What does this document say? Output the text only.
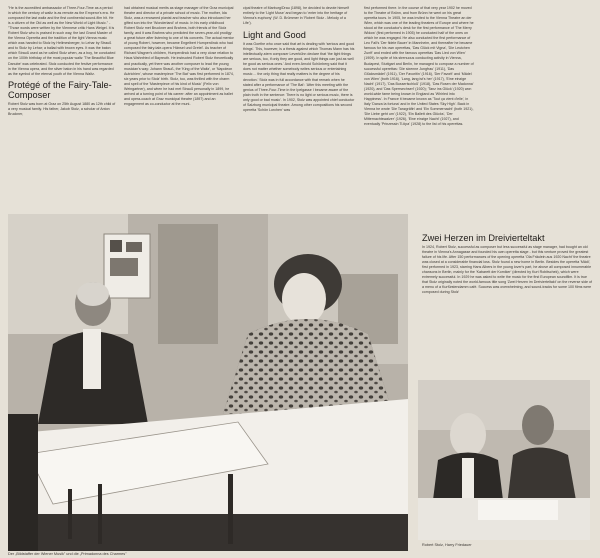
"He is the accredited ambassador of Three-Four-Time as a period in which the century of waltz is as remote as the Emperor's era. He composed the last waltz and the first continental sound-film hit. He is a citizen of the Old as well as the New World of Light Music." - "Those words were written by the Viennese critic Hans Weigel. It is Robert Stolz who is praised in such way, the last Grand Master of the Vienna Operetta and the tradition of the light Vienna music which was handed to Stolz by Hellmesberger, to Lehar by Strauß and to Stolz by Lehar; a ballad with brown eyes. It was the baton which Strauß used as he called Stolz when, as a boy, he conducted on the 100th birthday of the most popular waltz 'The Beautiful Blue Danube' was celebrated. Stolz conducted the festive performance in the Vienna opera, and the silver baton in his hand was regarded as the symbol of the eternal youth of the Vienna Waltz.

Protégé of the Fairy-Tale-Composer

Robert Stolz was born at Graz on 25th August 1880 as 12th child of a very musical family. His father, Jakob Stolz, a scholar of Anton Bruckner,

had obtained musical merits as stage manager of the Graz municipal theatre and director of a private school of music. The mother, Ida Stolz, was a renowned pianist and teacher who also introduced her gifted son into the 'Wonderland' of music. In his early childhood Robert Stolz met Bruckner and Brahms, both friends of the Stolz family, and it was Brahms who predicted the seven-year-old prodigy a great future after listening to one of his concerts. The actual mentor of young Robert, however, became Engelbert Humperdinck who had composed the fairy-tale-opera 'Hänsel und Gretel'. As teacher of Richard Wagner's children, Humperdinck had a very close relation to Haus Wahnfried of Bayreuth. He instructed Robert Stolz theoretically and practically, yet there was another composer to lead the young musician's way: Johann Strauß, the 'King of the Waltz', or 'Napoleon Autrichien', whose masterpiece 'The Bat' was first performed in 1874, six years prior to Stolz' birth. Stolz, too, was thrilled with the charm and spell of the 'Masterpiece of his kind of Music' (Felix von Weingartner), and when he had met Strauß personally in 1899, he arrived at a turning point of his career: after an appointment as ballet and opera-coach at Graz municipal theatre (1897) and an engagement as co-conductor at the muni-

cipal theatre of Marburg/Drau (1898), he decided to devote himself entirely to the 'Light Muse' and began to 'enter into the heritage of Vienna's euphony' (W. D. Brümmer in 'Robert Stolz - Melody of a Life').

Light and Good

It was Goethe who once said that art is dealing with 'serious and good things'. This, however, is a thesis against which Thomas Mann has his intellectually-stern composer Leverkühn declare that 'the light things are serious, too, if only they are good, and light things can just as well be good as serious ones.' And even Arnold Schönberg said that it does not matter whether somebody writes serious or entertaining music ... the only thing that really matters is the degree of his devotion.' Stolz was in full accordance with that remark when he stated after a performance of 'The Bat': 'After this meeting with the genius of Three-Four-Time in the Ipelgasse I became aware of the plain truth in the sentence: There is no light or serious music, there is only good or bad music'. In 1902, Stolz was appointed chief conductor of Salzburg municipal theatre. Among other compositions his second operetta 'Schön Lorchen' was

first performed there. In the course of that very year 1902 he moved to the Theatre of Brünn, and from Brünn he went on his great operetta tours. In 1905, he was invited to the Vienna Theatre an der Wien, which was one of the leading theatres of Europe and where he stood at the conductor's desk for the first performance of 'The Merry Widow' (first performed in 1905) he conducted half of the ones on which he was engaged. He also conducted the first performance of Leo Fall's 'Der fidele Bauer' in Mannheim, and thereafter he became famous for his own operettas, 'Das Glück mit Vigna', 'Die Leutchen Zunft' and ended with the famous operettas 'Das Lied von Wien' (1909). In spite of his strenuous conducting activity in Vienna, Budapest, Stuttgart and Berlin, he managed to compose a number of successful operettas: 'Die sixenne Jungfrau' (1911), 'Das Glücksmädel' (1911), 'Der Favoritin' (1916), 'Der Favorit' and 'Mädel von Wien' (both 1916), 'Lang, lang ist's her' (1917), 'Eine einzige Nacht' (1917), 'Das Busserlschloß' (1918), 'Das Rosen der Madonna' (1920), and 'Das Sperrsechserl' (1920); 'Tanz ins Glück' (1920) won world-wide fame being known in England as 'Whirled into Happiness'. In France it became known as 'Tout ça vient d'elle', in Italy 'Danza la fortuna' and in the United States 'Sky High'. Back in Vienna he wrote 'Die Tanzgräfin' and 'Ein Sommernacht' (both 1921), 'Die Liebe geht um' (1922), 'Ein Ballett des Glücks', 'Der Mitternachtswalzer' (1926), 'Eine einzige Nacht' (1927), and eventually 'Prinzessin Ti-tipa' (1928) to the list of his operettas.

Der „Bildstaffer der Wiener Musik" und die „Primadonna des Charmes"
Zwei Herzen im Dreivierteltakt

In 1924, Robert Stolz, successful as composer but less successful as stage manager, had bought an old theatre in Vienna's Annagasse and founded his own operetta stage - but this venture proved the greatest failure of his life. After 150 performances of the opening operetta 'Ola Fräulein aus 1920 Nacht' the theatre was closed at a considerable financial loss. Stolz found a new home in Berlin. Besides the operetta 'Mädi', first performed in 1923, starring Hans Albers in the young lover's part, he above all composed innumerable chansons in Berlin, mainly for the 'Kabarett der Komiker' (directed by Kurt Robitschek), which were extremely successful. In 1929 he was asked to write the music for the first European soundfilm. It is true that Stolz originally noted the world-famous title song 'Zwei Herzen im Dreivierteltakt' on the reverse side of a menu of a Kurfürstendamm café. Success was overwhelming, and sound-tracks for some 100 films were composed during Stolz'

Robert Stolz, Harry Friedauer
